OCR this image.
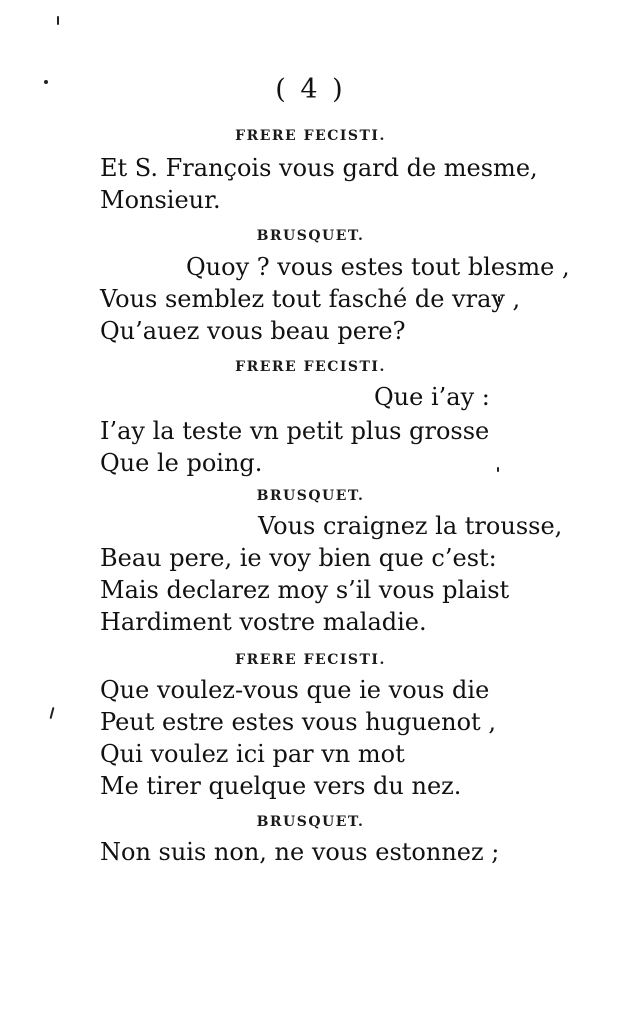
( 4 )
FRERE FECISTI.
Et S. François vous gard de mesme,
Monsieur.
BRUSQUET.
Quoy ? vous estes tout blesme ,
Vous semblez tout fasché de vray ,
Qu’auez vous beau pere?
FRERE FECISTI.
Que i’ay :
I’ay la teste vn petit plus grosse
Que le poing.
BRUSQUET.
Vous craignez la trousse,
Beau pere, ie voy bien que c’est:
Mais declarez moy s’il vous plaist
Hardiment vostre maladie.
FRERE FECISTI.
Que voulez-vous que ie vous die
Peut estre estes vous huguenot ,
Qui voulez ici par vn mot
Me tirer quelque vers du nez.
BRUSQUET.
Non suis non, ne vous estonnez ;
